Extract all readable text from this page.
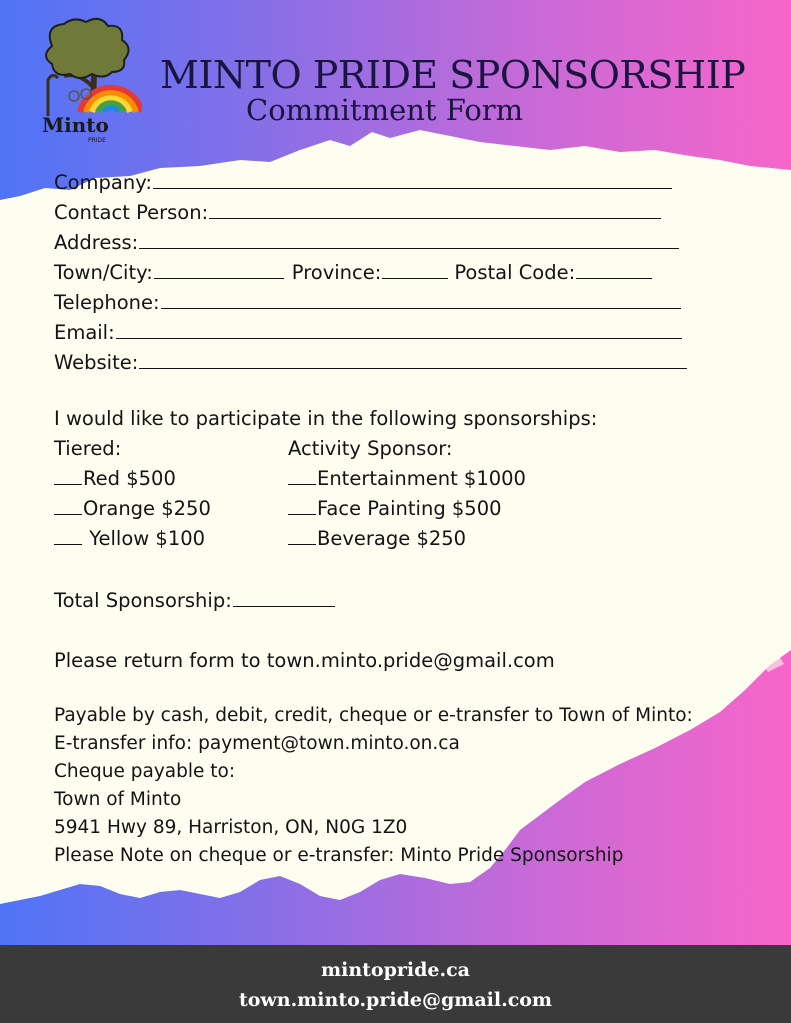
Minto
PRIDE
MINTO PRIDE SPONSORSHIP
Commitment Form
Company:
Contact Person:
Address:
Town/City:	Province:	Postal Code:
Telephone:
Email:
Website:
I would like to participate in the following sponsorships:
Tiered:
Red $500
Orange $250
Yellow $100
Activity Sponsor:
Entertainment $1000
Face Painting $500
Beverage $250
Total Sponsorship:
Please return form to town.minto.pride@gmail.com
Payable by cash, debit, credit, cheque or e-transfer to Town of Minto:
E-transfer info: payment@town.minto.on.ca
Cheque payable to:
Town of Minto
5941 Hwy 89, Harriston, ON, N0G 1Z0
Please Note on cheque or e-transfer: Minto Pride Sponsorship
mintopride.ca
town.minto.pride@gmail.com
